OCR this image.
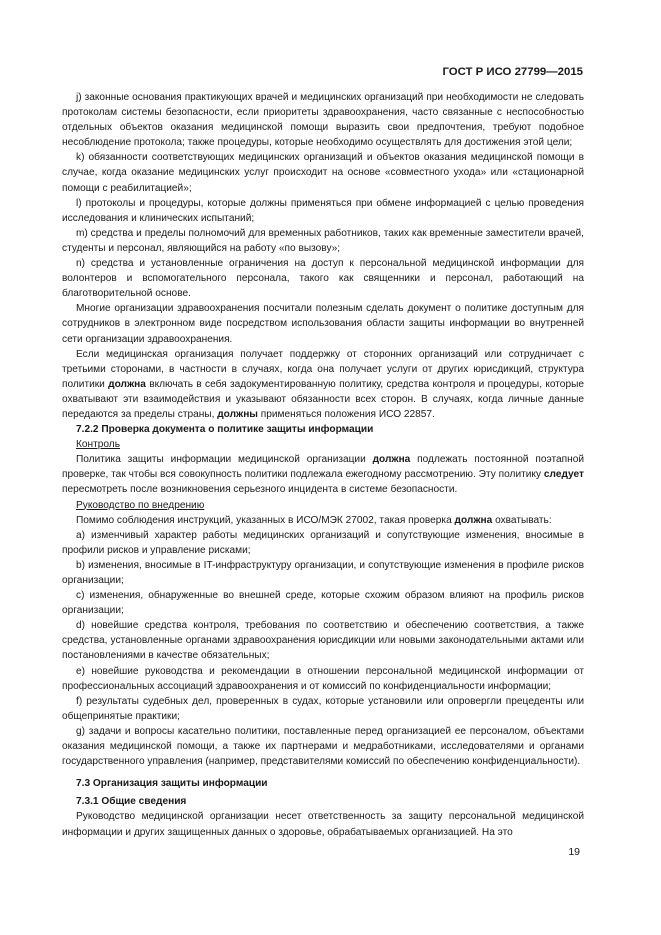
ГОСТ Р ИСО 27799—2015

j) законные основания практикующих врачей и медицинских организаций при необходимости не следовать протоколам системы безопасности, если приоритеты здравоохранения, часто связанные с неспособностью отдельных объектов оказания медицинской помощи выразить свои предпочтения, требуют подобное несоблюдение протокола; также процедуры, которые необходимо осуществлять для достижения этой цели;

k) обязанности соответствующих медицинских организаций и объектов оказания медицинской помощи в случае, когда оказание медицинских услуг происходит на основе «совместного ухода» или «стационарной помощи с реабилитацией»;

l) протоколы и процедуры, которые должны применяться при обмене информацией с целью проведения исследования и клинических испытаний;

m) средства и пределы полномочий для временных работников, таких как временные заместители врачей, студенты и персонал, являющийся на работу «по вызову»;

n) средства и установленные ограничения на доступ к персональной медицинской информации для волонтеров и вспомогательного персонала, такого как священники и персонал, работающий на благотворительной основе.

Многие организации здравоохранения посчитали полезным сделать документ о политике доступным для сотрудников в электронном виде посредством использования области защиты информации во внутренней сети организации здравоохранения.

Если медицинская организация получает поддержку от сторонних организаций или сотрудничает с третьими сторонами, в частности в случаях, когда она получает услуги от других юрисдикций, структура политики должна включать в себя задокументированную политику, средства контроля и процедуры, которые охватывают эти взаимодействия и указывают обязанности всех сторон. В случаях, когда личные данные передаются за пределы страны, должны применяться положения ИСО 22857.

7.2.2 Проверка документа о политике защиты информации

Контроль

Политика защиты информации медицинской организации должна подлежать постоянной поэтапной проверке, так чтобы вся совокупность политики подлежала ежегодному рассмотрению. Эту политику следует пересмотреть после возникновения серьезного инцидента в системе безопасности.

Руководство по внедрению

Помимо соблюдения инструкций, указанных в ИСО/МЭК 27002, такая проверка должна охватывать:

a) изменчивый характер работы медицинских организаций и сопутствующие изменения, вносимые в профили рисков и управление рисками;

b) изменения, вносимые в IT-инфраструктуру организации, и сопутствующие изменения в профиле рисков организации;

c) изменения, обнаруженные во внешней среде, которые схожим образом влияют на профиль рисков организации;

d) новейшие средства контроля, требования по соответствию и обеспечению соответствия, а также средства, установленные органами здравоохранения юрисдикции или новыми законодательными актами или постановлениями в качестве обязательных;

e) новейшие руководства и рекомендации в отношении персональной медицинской информации от профессиональных ассоциаций здравоохранения и от комиссий по конфиденциальности информации;

f) результаты судебных дел, проверенных в судах, которые установили или опровергли прецеденты или общепринятые практики;

g) задачи и вопросы касательно политики, поставленные перед организацией ее персоналом, объектами оказания медицинской помощи, а также их партнерами и медработниками, исследователями и органами государственного управления (например, представителями комиссий по обеспечению конфиденциальности).

7.3 Организация защиты информации

7.3.1 Общие сведения

Руководство медицинской организации несет ответственность за защиту персональной медицинской информации и других защищенных данных о здоровье, обрабатываемых организацией. На это

19
